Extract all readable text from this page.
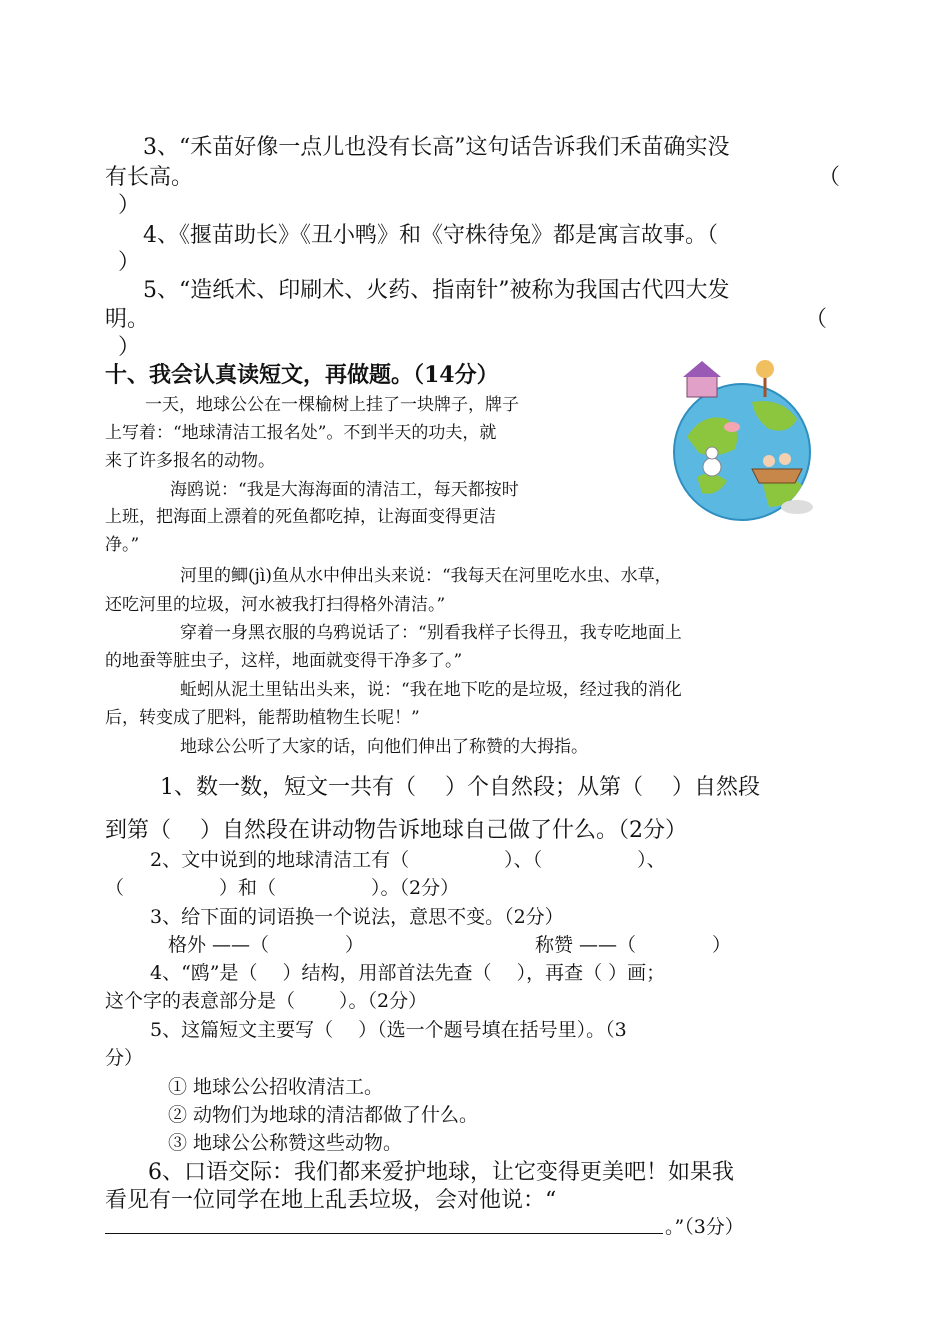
3、“禾苗好像一点儿也没有长高”这句话告诉我们禾苗确实没
有长高。	（
）
4、《揠苗助长》《丑小鸭》和《守株待兔》都是寓言故事。（
）
5、“造纸术、印刷术、火药、指南针”被称为我国古代四大发
明。	（
）
十、我会认真读短文，再做题。（14分）
一天，地球公公在一棵榆树上挂了一块牌子，牌子
上写着：“地球清洁工报名处”。不到半天的功夫，就
来了许多报名的动物。
海鸥说：“我是大海海面的清洁工，每天都按时
上班，把海面上漂着的死鱼都吃掉，让海面变得更洁
净。”
河里的鲫(jì)鱼从水中伸出头来说：“我每天在河里吃水虫、水草，
还吃河里的垃圾，河水被我打扫得格外清洁。”
穿着一身黑衣服的乌鸦说话了：“别看我样子长得丑，我专吃地面上
的地蚕等脏虫子，这样，地面就变得干净多了。”
蚯蚓从泥土里钻出头来，说：“我在地下吃的是垃圾，经过我的消化
后，转变成了肥料，能帮助植物生长呢！”
地球公公听了大家的话，向他们伸出了称赞的大拇指。
1、数一数，短文一共有（　 ）个自然段；从第（　 ）自然段
到第（　 ）自然段在讲动物告诉地球自己做了什么。（2分）
2、文中说到的地球清洁工有（　　　　　）、（　　　　　）、
（　　　　　）和（　　　　　）。（2分）
3、给下面的词语换一个说法，意思不变。（2分）
格外 ——（　　　　）	称赞 ——（　　　　）
4、“鸥”是（　 ）结构，用部首法先查（　 ），再查（ ）画；
这个字的表意部分是（　　 ）。（2分）
5、这篇短文主要写（　 ）（选一个题号填在括号里）。（3
分）
① 地球公公招收清洁工。
② 动物们为地球的清洁都做了什么。
③ 地球公公称赞这些动物。
6、口语交际：我们都来爱护地球，让它变得更美吧！如果我
看见有一位同学在地上乱丢垃圾，会对他说：“
。”（3分）
